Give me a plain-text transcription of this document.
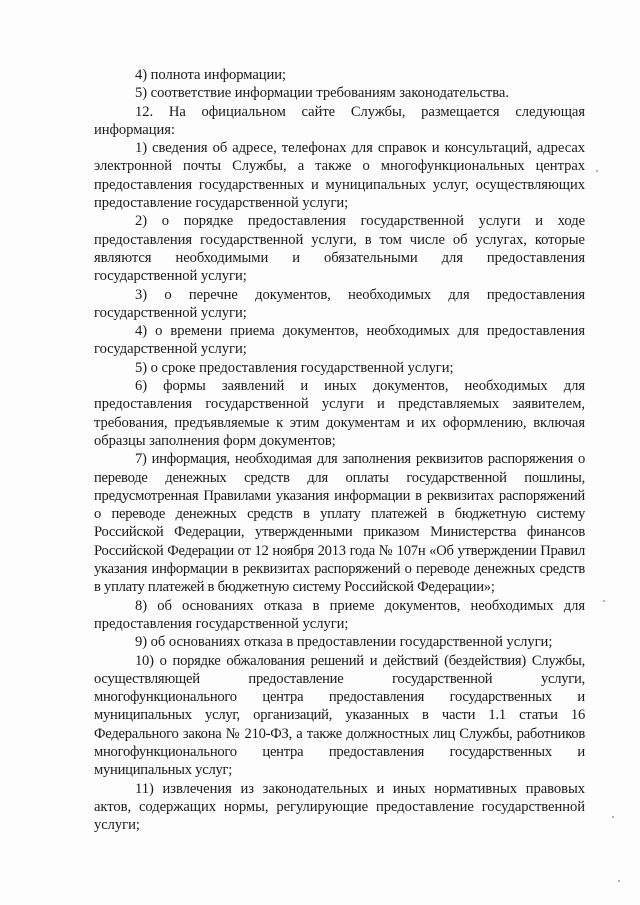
4) полнота информации;

5) соответствие информации требованиям законодательства.

12. На официальном сайте Службы, размещается следующая информация:

1) сведения об адресе, телефонах для справок и консультаций, адресах электронной почты Службы, а также о многофункциональных центрах предоставления государственных и муниципальных услуг, осуществляющих предоставление государственной услуги;

2) о порядке предоставления государственной услуги и ходе предоставления государственной услуги, в том числе об услугах, которые являются необходимыми и обязательными для предоставления государственной услуги;

3) о перечне документов, необходимых для предоставления государственной услуги;

4) о времени приема документов, необходимых для предоставления государственной услуги;

5) о сроке предоставления государственной услуги;

6) формы заявлений и иных документов, необходимых для предоставления государственной услуги и представляемых заявителем, требования, предъявляемые к этим документам и их оформлению, включая образцы заполнения форм документов;

7) информация, необходимая для заполнения реквизитов распоряжения о переводе денежных средств для оплаты государственной пошлины, предусмотренная Правилами указания информации в реквизитах распоряжений о переводе денежных средств в уплату платежей в бюджетную систему Российской Федерации, утвержденными приказом Министерства финансов Российской Федерации от 12 ноября 2013 года № 107н «Об утверждении Правил указания информации в реквизитах распоряжений о переводе денежных средств в уплату платежей в бюджетную систему Российской Федерации»;

8) об основаниях отказа в приеме документов, необходимых для предоставления государственной услуги;

9) об основаниях отказа в предоставлении государственной услуги;

10) о порядке обжалования решений и действий (бездействия) Службы, осуществляющей предоставление государственной услуги, многофункционального центра предоставления государственных и муниципальных услуг, организаций, указанных в части 1.1 статьи 16 Федерального закона № 210-ФЗ, а также должностных лиц Службы, работников многофункционального центра предоставления государственных и муниципальных услуг;

11) извлечения из законодательных и иных нормативных правовых актов, содержащих нормы, регулирующие предоставление государственной услуги;
